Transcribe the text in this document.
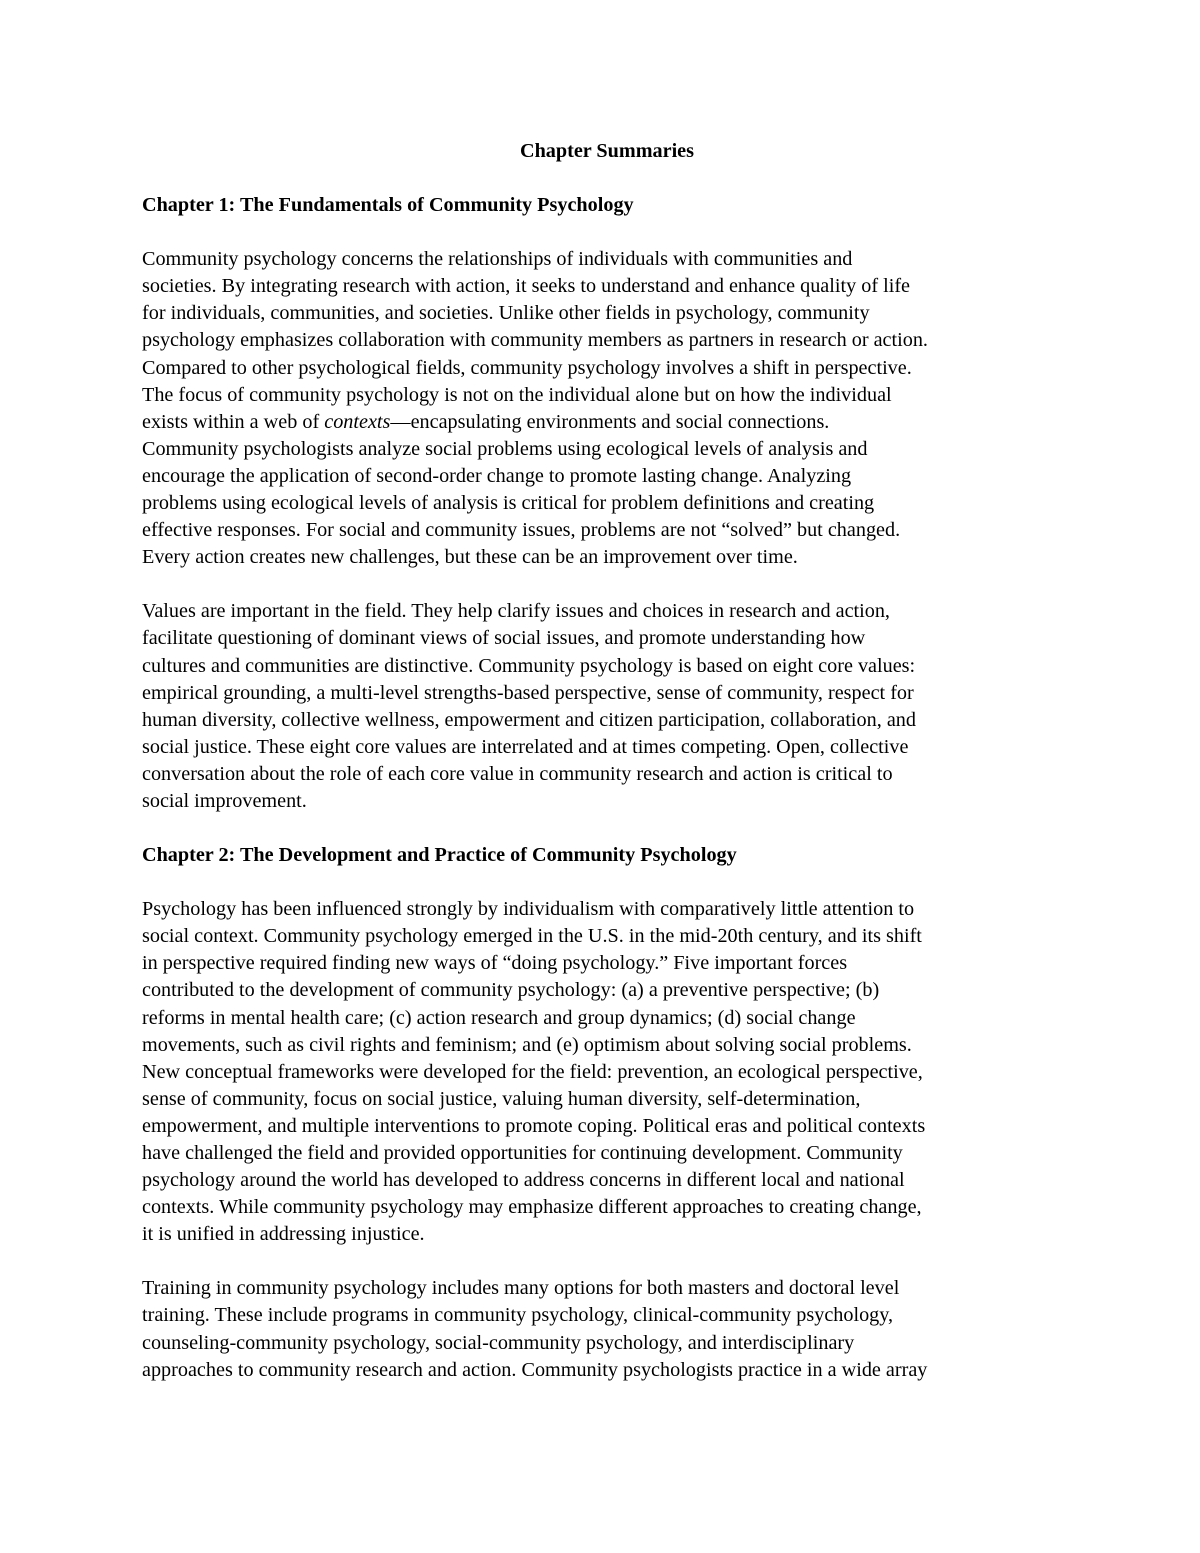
Chapter Summaries
Chapter 1: The Fundamentals of Community Psychology
Community psychology concerns the relationships of individuals with communities and
societies. By integrating research with action, it seeks to understand and enhance quality of life
for individuals, communities, and societies. Unlike other fields in psychology, community
psychology emphasizes collaboration with community members as partners in research or action.
Compared to other psychological fields, community psychology involves a shift in perspective.
The focus of community psychology is not on the individual alone but on how the individual
exists within a web of contexts—encapsulating environments and social connections.
Community psychologists analyze social problems using ecological levels of analysis and
encourage the application of second-order change to promote lasting change. Analyzing
problems using ecological levels of analysis is critical for problem definitions and creating
effective responses. For social and community issues, problems are not “solved” but changed.
Every action creates new challenges, but these can be an improvement over time.
Values are important in the field. They help clarify issues and choices in research and action,
facilitate questioning of dominant views of social issues, and promote understanding how
cultures and communities are distinctive. Community psychology is based on eight core values:
empirical grounding, a multi-level strengths-based perspective, sense of community, respect for
human diversity, collective wellness, empowerment and citizen participation, collaboration, and
social justice. These eight core values are interrelated and at times competing. Open, collective
conversation about the role of each core value in community research and action is critical to
social improvement.
Chapter 2: The Development and Practice of Community Psychology
Psychology has been influenced strongly by individualism with comparatively little attention to
social context. Community psychology emerged in the U.S. in the mid-20th century, and its shift
in perspective required finding new ways of “doing psychology.” Five important forces
contributed to the development of community psychology: (a) a preventive perspective; (b)
reforms in mental health care; (c) action research and group dynamics; (d) social change
movements, such as civil rights and feminism; and (e) optimism about solving social problems.
New conceptual frameworks were developed for the field: prevention, an ecological perspective,
sense of community, focus on social justice, valuing human diversity, self-determination,
empowerment, and multiple interventions to promote coping. Political eras and political contexts
have challenged the field and provided opportunities for continuing development. Community
psychology around the world has developed to address concerns in different local and national
contexts. While community psychology may emphasize different approaches to creating change,
it is unified in addressing injustice.
Training in community psychology includes many options for both masters and doctoral level
training. These include programs in community psychology, clinical-community psychology,
counseling-community psychology, social-community psychology, and interdisciplinary
approaches to community research and action. Community psychologists practice in a wide array
